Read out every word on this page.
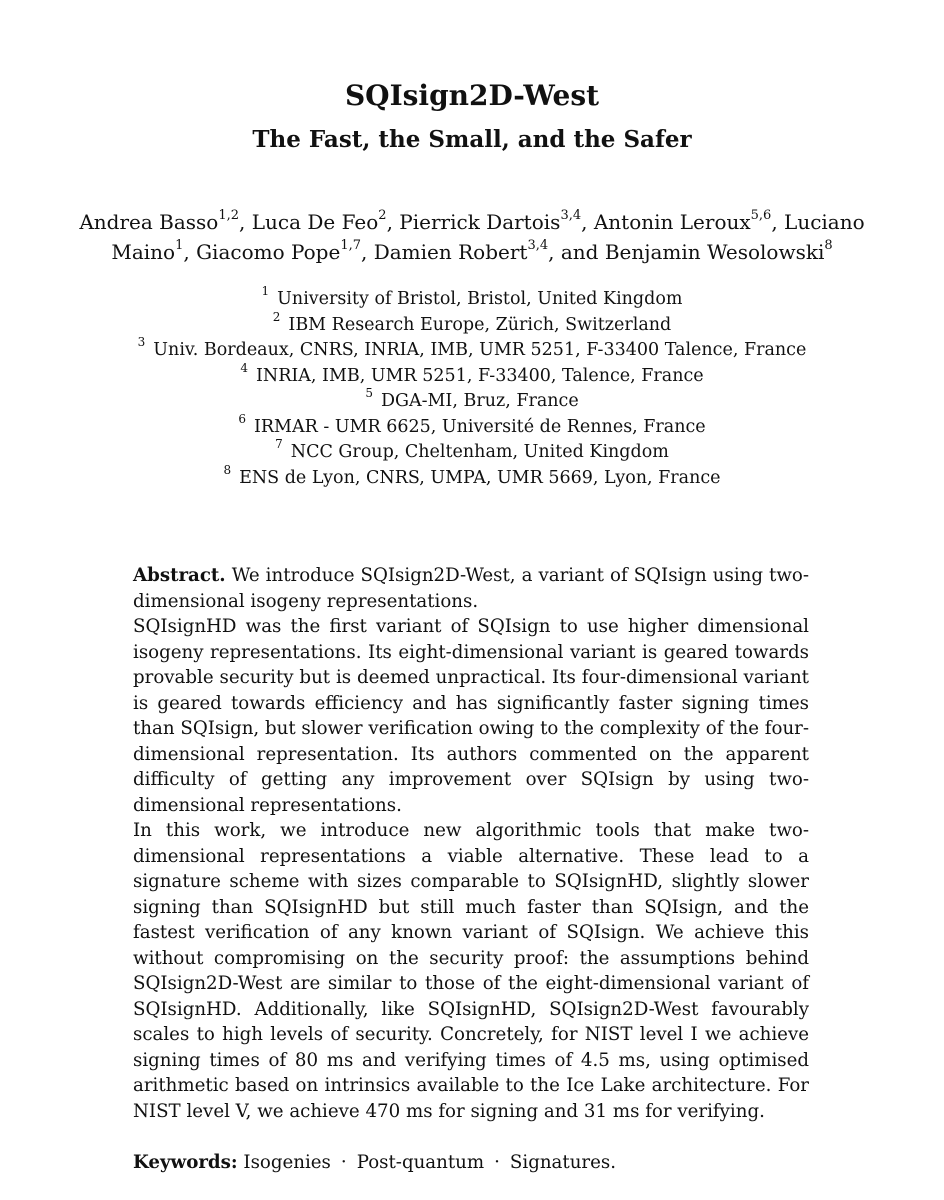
SQIsign2D-West
The Fast, the Small, and the Safer
Andrea Basso$^{1,2}$, Luca De Feo$^2$, Pierrick Dartois$^{3,4}$, Antonin Leroux$^{5,6}$, Luciano Maino$^1$, Giacomo Pope$^{1,7}$, Damien Robert$^{3,4}$, and Benjamin Wesolowski$^8$
$^1$ University of Bristol, Bristol, United Kingdom
$^2$ IBM Research Europe, Zürich, Switzerland
$^3$ Univ. Bordeaux, CNRS, INRIA, IMB, UMR 5251, F-33400 Talence, France
$^4$ INRIA, IMB, UMR 5251, F-33400, Talence, France
$^5$ DGA-MI, Bruz, France
$^6$ IRMAR - UMR 6625, Université de Rennes, France
$^7$ NCC Group, Cheltenham, United Kingdom
$^8$ ENS de Lyon, CNRS, UMPA, UMR 5669, Lyon, France

Abstract. We introduce SQIsign2D-West, a variant of SQIsign using two-dimensional isogeny representations.

SQIsignHD was the first variant of SQIsign to use higher dimensional isogeny representations. Its eight-dimensional variant is geared towards provable security but is deemed unpractical. Its four-dimensional variant is geared towards efficiency and has significantly faster signing times than SQIsign, but slower verification owing to the complexity of the four-dimensional representation. Its authors commented on the apparent difficulty of getting any improvement over SQIsign by using two-dimensional representations.

In this work, we introduce new algorithmic tools that make two-dimensional representations a viable alternative. These lead to a signature scheme with sizes comparable to SQIsignHD, slightly slower signing than SQIsignHD but still much faster than SQIsign, and the fastest verification of any known variant of SQIsign. We achieve this without compromising on the security proof: the assumptions behind SQIsign2D-West are similar to those of the eight-dimensional variant of SQIsignHD. Additionally, like SQIsignHD, SQIsign2D-West favourably scales to high levels of security. Concretely, for NIST level I we achieve signing times of 80 ms and verifying times of 4.5 ms, using optimised arithmetic based on intrinsics available to the Ice Lake architecture. For NIST level V, we achieve 470 ms for signing and 31 ms for verifying.

Keywords: Isogenies · Post-quantum · Signatures.
